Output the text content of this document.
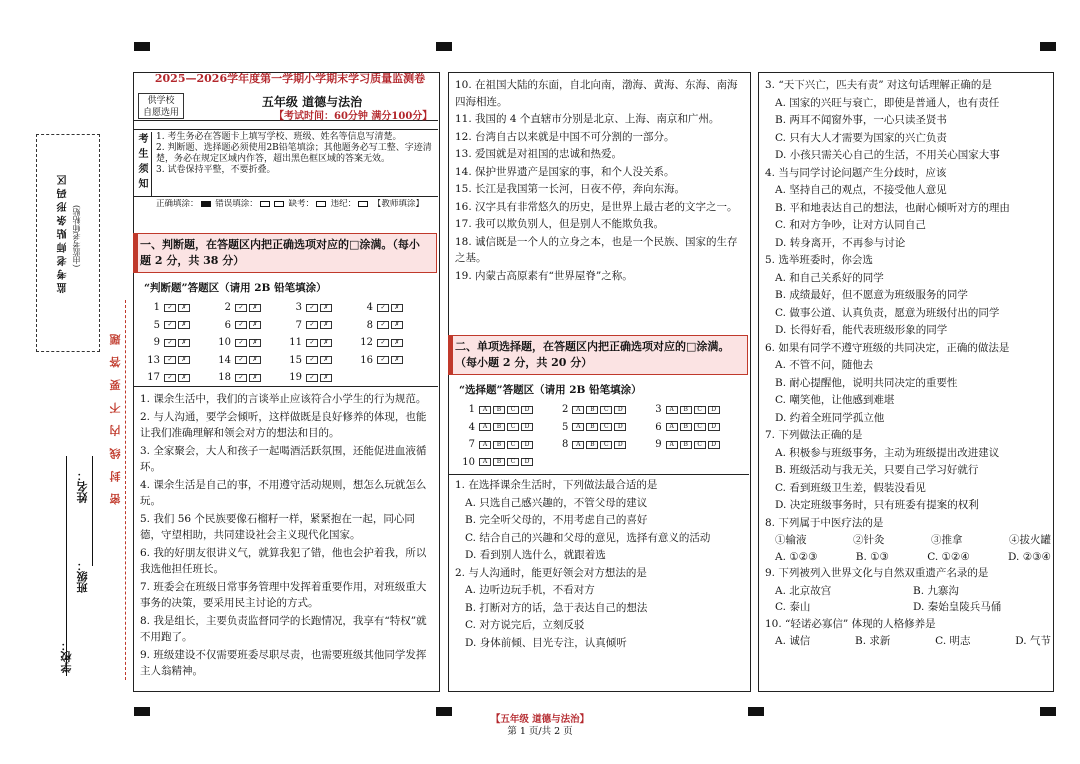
监 考 老 师 贴 条 形 码 区 (由监考老师粘贴)
密 封 线 内 不 要 答 题
姓名：
班级：
学校：
2025—2026学年度第一学期小学期末学习质量监测卷
供学校
自愿选用
五年级 道德与法治
【考试时间：60分钟 满分100分】
考生须知
1. 考生务必在答题卡上填写学校、班级、姓名等信息写清楚。
2. 判断题、选择题必须使用2B铅笔填涂；其他题务必写工整、字迹清楚，务必在规定区域内作答，超出黑色框区域的答案无效。
3. 试卷保持平整，不要折叠。
正确填涂： 错误填涂：	缺考： 违纪： 【教师填涂】
一、判断题，在答题区内把正确选项对应的□涂满。（每小题 2 分，共 38 分）
“判断题”答题区（请用 2B 铅笔填涂）
1	✓	✗	2	✓	✗	3	✓	✗	4	✓	✗
5	✓	✗	6	✓	✗	7	✓	✗	8	✓	✗
9	✓	✗	10	✓	✗	11	✓	✗	12	✓	✗
13	✓	✗	14	✓	✗	15	✓	✗	16	✓	✗
17	✓	✗	18	✓	✗	19	✓	✗

1. 课余生活中，我们的言谈举止应该符合小学生的行为规范。

2. 与人沟通，要学会倾听，这样做既是良好修养的体现，也能让我们准确理解和领会对方的想法和目的。

3. 全家聚会，大人和孩子一起喝酒活跃氛围，还能促进血液循环。

4. 课余生活是自己的事，不用遵守活动规则，想怎么玩就怎么玩。

5. 我们 56 个民族要像石榴籽一样，紧紧抱在一起，同心同德，守望相助，共同建设社会主义现代化国家。

6. 我的好朋友很讲义气，就算我犯了错，他也会护着我，所以我选他担任班长。

7. 班委会在班级日常事务管理中发挥着重要作用，对班级重大事务的决策，要采用民主讨论的方式。

8. 我是组长，主要负责监督同学的长跑情况，我享有“特权”就不用跑了。

9. 班级建设不仅需要班委尽职尽责，也需要班级其他同学发挥主人翁精神。

10. 在祖国大陆的东面，自北向南，渤海、黄海、东海、南海四海相连。

11. 我国的 4 个直辖市分别是北京、上海、南京和广州。

12. 台湾自古以来就是中国不可分割的一部分。

13. 爱国就是对祖国的忠诚和热爱。

14. 保护世界遗产是国家的事，和个人没关系。

15. 长江是我国第一长河，日夜不停，奔向东海。

16. 汉字具有非常悠久的历史，是世界上最古老的文字之一。

17. 我可以欺负别人，但是别人不能欺负我。

18. 诚信既是一个人的立身之本，也是一个民族、国家的生存之基。

19. 内蒙古高原素有“世界屋脊”之称。

二、单项选择题，在答题区内把正确选项对应的□涂满。（每小题 2 分，共 20 分）
“选择题”答题区（请用 2B 铅笔填涂）
1	A	B	C	D	2	A	B	C	D	3	A	B	C	D
4	A	B	C	D	5	A	B	C	D	6	A	B	C	D
7	A	B	C	D	8	A	B	C	D	9	A	B	C	D
10	A	B	C	D

1. 在选择课余生活时，下列做法最合适的是

A. 只选自己感兴趣的，不管父母的建议

B. 完全听父母的，不用考虑自己的喜好

C. 结合自己的兴趣和父母的意见，选择有意义的活动

D. 看到别人选什么，就跟着选

2. 与人沟通时，能更好领会对方想法的是

A. 边听边玩手机，不看对方

B. 打断对方的话，急于表达自己的想法

C. 对方说完后，立刻反驳

D. 身体前倾、目光专注，认真倾听

3. “天下兴亡，匹夫有责” 对这句话理解正确的是

A. 国家的兴旺与衰亡，即使是普通人，也有责任

B. 两耳不闻窗外事，一心只读圣贤书

C. 只有大人才需要为国家的兴亡负责

D. 小孩只需关心自己的生活，不用关心国家大事

4. 当与同学讨论问题产生分歧时，应该

A. 坚持自己的观点，不接受他人意见

B. 平和地表达自己的想法，也耐心倾听对方的理由

C. 和对方争吵，让对方认同自己

D. 转身离开，不再参与讨论

5. 选举班委时，你会选

A. 和自己关系好的同学

B. 成绩最好，但不愿意为班级服务的同学

C. 做事公道、认真负责，愿意为班级付出的同学

D. 长得好看，能代表班级形象的同学

6. 如果有同学不遵守班级的共同决定，正确的做法是

A. 不管不问，随他去

B. 耐心提醒他，说明共同决定的重要性

C. 嘲笑他，让他感到难堪

D. 约着全班同学孤立他

7. 下列做法正确的是

A. 积极参与班级事务，主动为班级提出改进建议

B. 班级活动与我无关，只要自己学习好就行

C. 看到班级卫生差，假装没看见

D. 决定班级事务时，只有班委有提案的权利

8. 下列属于中医疗法的是

①输液	②针灸	③推拿	④拔火罐
A. ①②③	B. ①③	C. ①②④	D. ②③④

9. 下列被列入世界文化与自然双重遗产名录的是

A. 北京故宫	B. 九寨沟
C. 泰山	D. 秦始皇陵兵马俑

10. “轻诺必寡信” 体现的人格修养是

A. 诚信	B. 求新	C. 明志	D. 气节
【五年级 道德与法治】
第 1 页/共 2 页
